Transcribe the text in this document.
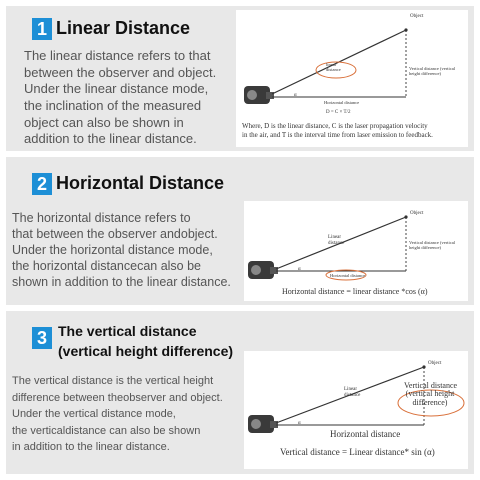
1 Linear Distance
The linear distance refers to that
between the observer and object.
Under the linear distance mode,
the inclination of the measured
object can also be shown in
addition to the linear distance.
α
Object
linear
distance	Vertical distance (vertical
height difference)
Horizontal distance
D = C × T/2
Where, D is the linear distance, C is the laser propagation velocity
in the air, and T is the interval time from laser emission to feedback.
2 Horizontal Distance
The horizontal distance refers to
that between the observer andobject.
Under the horizontal distance mode,
the horizontal distancecan also be
shown in addition to the linear distance.
α
Object
Linear
distance	Vertical distance (vertical
height difference)
Horizontal distance
Horizontal distance = linear distance *cos (α)
3 The vertical distance
(vertical height difference)
The vertical distance is the vertical height
difference between theobserver and object.
Under the vertical distance mode,
the verticaldistance can also be shown
in addition to the linear distance.
α
Object
Linear
distance
Vertical distance
(vertical height
difference)
Horizontal distance
Vertical distance = Linear distance* sin (α)
